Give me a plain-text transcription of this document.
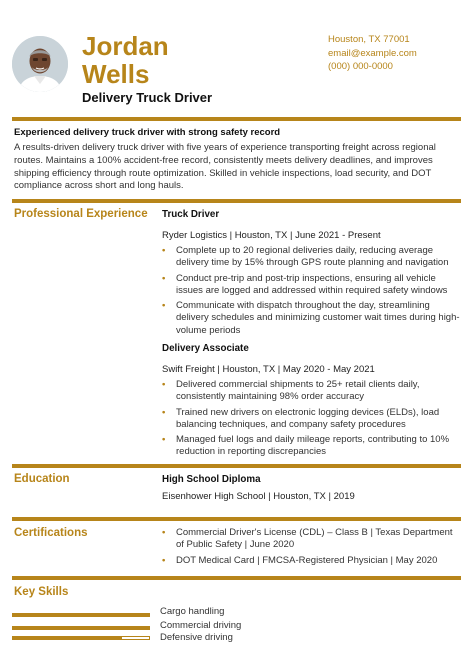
Jordan
Wells
Delivery Truck Driver
Houston, TX 77001
email@example.com
(000) 000-0000
Experienced delivery truck driver with strong safety record
A results-driven delivery truck driver with five years of experience transporting freight across regional routes. Maintains a 100% accident-free record, consistently meets delivery deadlines, and improves shipping efficiency through route optimization. Skilled in vehicle inspections, load security, and DOT compliance across short and long hauls.
Professional Experience Truck Driver
Ryder Logistics | Houston, TX | June 2021 - Present
• Complete up to 20 regional deliveries daily, reducing average delivery time by 15% through GPS route planning and navigation
• Conduct pre-trip and post-trip inspections, ensuring all vehicle issues are logged and addressed within required safety windows
• Communicate with dispatch throughout the day, streamlining delivery schedules and minimizing customer wait times during high-volume periods
Delivery Associate
Swift Freight | Houston, TX | May 2020 - May 2021
• Delivered commercial shipments to 25+ retail clients daily, consistently maintaining 98% order accuracy
• Trained new drivers on electronic logging devices (ELDs), load balancing techniques, and company safety procedures
• Managed fuel logs and daily mileage reports, contributing to 10% reduction in reporting discrepancies
Education	High School Diploma
Eisenhower High School | Houston, TX | 2019
Certifications	• Commercial Driver's License (CDL) – Class B | Texas Department of Public Safety | June 2020
• DOT Medical Card | FMCSA-Registered Physician | May 2020
Key Skills
Cargo handling
Commercial driving
Defensive driving
